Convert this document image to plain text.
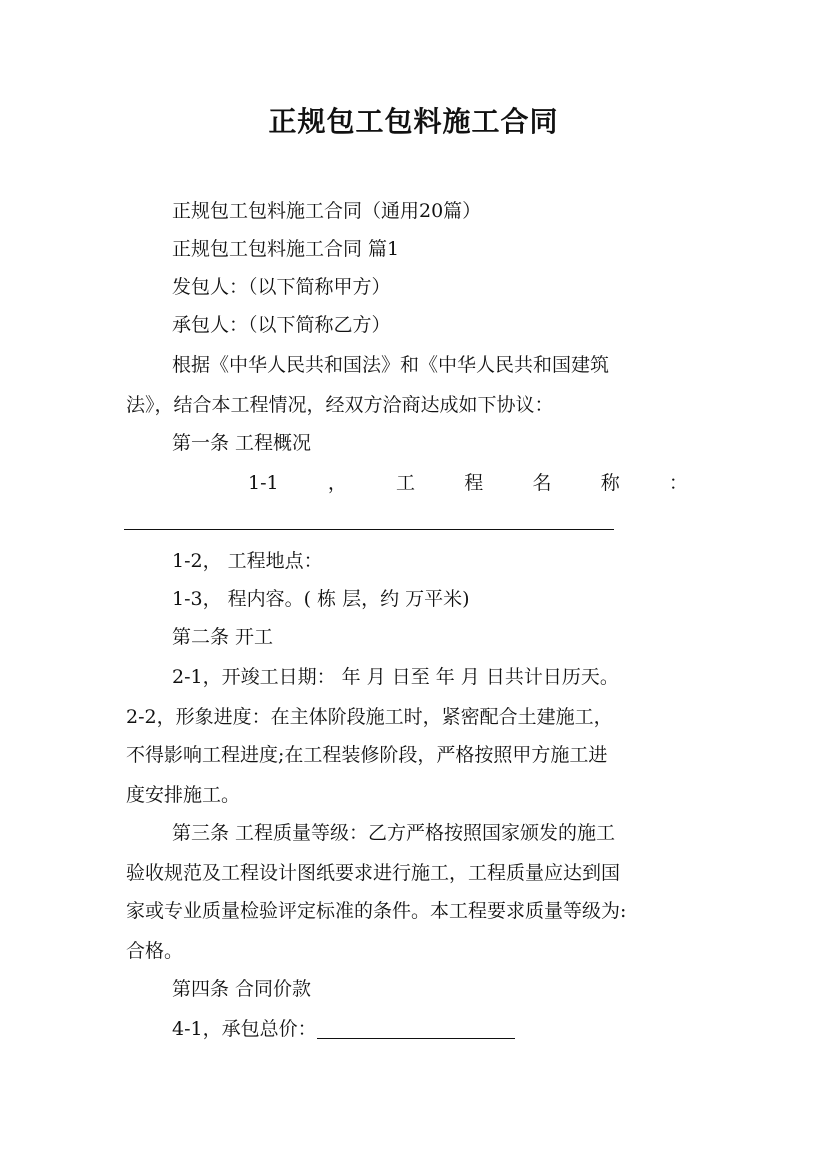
正规包工包料施工合同
正规包工包料施工合同（通用20篇）
正规包工包料施工合同 篇1
发包人：（以下简称甲方）
承包人：（以下简称乙方）
根据《中华人民共和国法》和《中华人民共和国建筑
法》，结合本工程情况，经双方洽商达成如下协议：
第一条 工程概况
1-1	，	工	程	名	称	：
1-2， 工程地点：
1-3， 程内容。( 栋 层，约 万平米)
第二条 开工
2-1，开竣工日期： 年 月 日至 年 月 日共计日历天。
2-2，形象进度：在主体阶段施工时，紧密配合土建施工，
不得影响工程进度;在工程装修阶段，严格按照甲方施工进
度安排施工。
第三条 工程质量等级：乙方严格按照国家颁发的施工
验收规范及工程设计图纸要求进行施工，工程质量应达到国
家或专业质量检验评定标准的条件。本工程要求质量等级为:
合格。
第四条 合同价款
4-1，承包总价：
